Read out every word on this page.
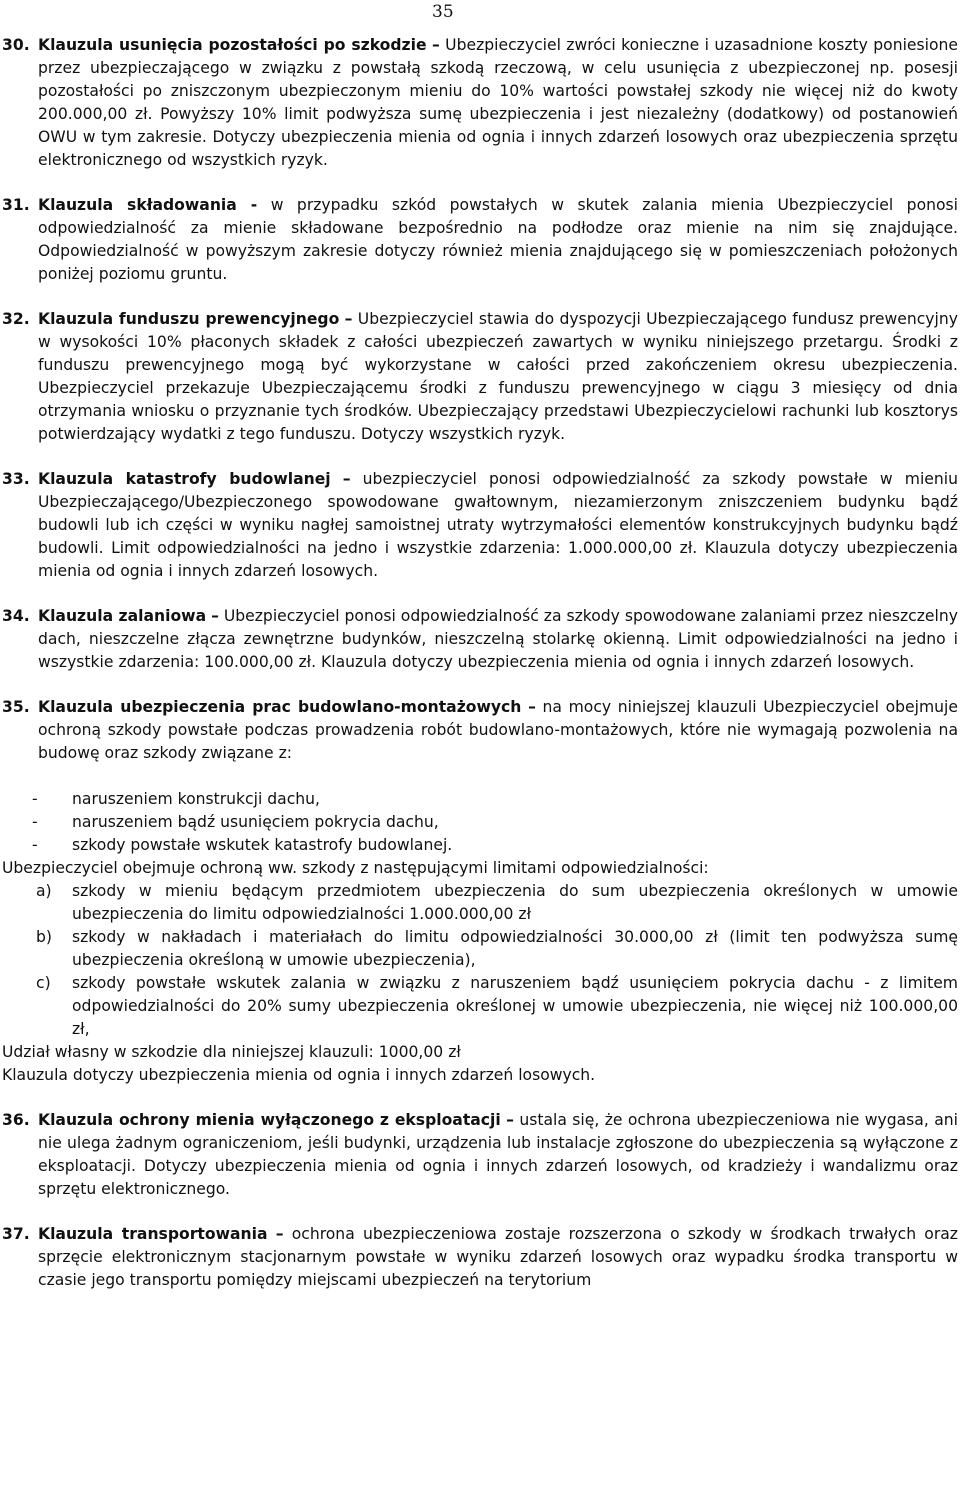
35
30. Klauzula usunięcia pozostałości po szkodzie – Ubezpieczyciel zwróci konieczne i uzasadnione koszty poniesione przez ubezpieczającego w związku z powstałą szkodą rzeczową, w celu usunięcia z ubezpieczonej np. posesji pozostałości po zniszczonym ubezpieczonym mieniu do 10% wartości powstałej szkody nie więcej niż do kwoty 200.000,00 zł. Powyższy 10% limit podwyższa sumę ubezpieczenia i jest niezależny (dodatkowy) od postanowień OWU w tym zakresie. Dotyczy ubezpieczenia mienia od ognia i innych zdarzeń losowych oraz ubezpieczenia sprzętu elektronicznego od wszystkich ryzyk.
31. Klauzula składowania - w przypadku szkód powstałych w skutek zalania mienia Ubezpieczyciel ponosi odpowiedzialność za mienie składowane bezpośrednio na podłodze oraz mienie na nim się znajdujące. Odpowiedzialność w powyższym zakresie dotyczy również mienia znajdującego się w pomieszczeniach położonych poniżej poziomu gruntu.
32. Klauzula funduszu prewencyjnego – Ubezpieczyciel stawia do dyspozycji Ubezpieczającego fundusz prewencyjny w wysokości 10% płaconych składek z całości ubezpieczeń zawartych w wyniku niniejszego przetargu. Środki z funduszu prewencyjnego mogą być wykorzystane w całości przed zakończeniem okresu ubezpieczenia. Ubezpieczyciel przekazuje Ubezpieczającemu środki z funduszu prewencyjnego w ciągu 3 miesięcy od dnia otrzymania wniosku o przyznanie tych środków. Ubezpieczający przedstawi Ubezpieczycielowi rachunki lub kosztorys potwierdzający wydatki z tego funduszu. Dotyczy wszystkich ryzyk.
33. Klauzula katastrofy budowlanej – ubezpieczyciel ponosi odpowiedzialność za szkody powstałe w mieniu Ubezpieczającego/Ubezpieczonego spowodowane gwałtownym, niezamierzonym zniszczeniem budynku bądź budowli lub ich części w wyniku nagłej samoistnej utraty wytrzymałości elementów konstrukcyjnych budynku bądź budowli. Limit odpowiedzialności na jedno i wszystkie zdarzenia: 1.000.000,00 zł. Klauzula dotyczy ubezpieczenia mienia od ognia i innych zdarzeń losowych.
34. Klauzula zalaniowa – Ubezpieczyciel ponosi odpowiedzialność za szkody spowodowane zalaniami przez nieszczelny dach, nieszczelne złącza zewnętrzne budynków, nieszczelną stolarkę okienną. Limit odpowiedzialności na jedno i wszystkie zdarzenia: 100.000,00 zł. Klauzula dotyczy ubezpieczenia mienia od ognia i innych zdarzeń losowych.
35. Klauzula ubezpieczenia prac budowlano-montażowych – na mocy niniejszej klauzuli Ubezpieczyciel obejmuje ochroną szkody powstałe podczas prowadzenia robót budowlano-montażowych, które nie wymagają pozwolenia na budowę oraz szkody związane z:
- naruszeniem konstrukcji dachu,
- naruszeniem bądź usunięciem pokrycia dachu,
- szkody powstałe wskutek katastrofy budowlanej.
Ubezpieczyciel obejmuje ochroną ww. szkody z następującymi limitami odpowiedzialności:
a) szkody w mieniu będącym przedmiotem ubezpieczenia do sum ubezpieczenia określonych w umowie ubezpieczenia do limitu odpowiedzialności 1.000.000,00 zł
b) szkody w nakładach i materiałach do limitu odpowiedzialności 30.000,00 zł (limit ten podwyższa sumę ubezpieczenia określoną w umowie ubezpieczenia),
c) szkody powstałe wskutek zalania w związku z naruszeniem bądź usunięciem pokrycia dachu - z limitem odpowiedzialności do 20% sumy ubezpieczenia określonej w umowie ubezpieczenia, nie więcej niż 100.000,00 zł,
Udział własny w szkodzie dla niniejszej klauzuli: 1000,00 zł
Klauzula dotyczy ubezpieczenia mienia od ognia i innych zdarzeń losowych.
36. Klauzula ochrony mienia wyłączonego z eksploatacji – ustala się, że ochrona ubezpieczeniowa nie wygasa, ani nie ulega żadnym ograniczeniom, jeśli budynki, urządzenia lub instalacje zgłoszone do ubezpieczenia są wyłączone z eksploatacji. Dotyczy ubezpieczenia mienia od ognia i innych zdarzeń losowych, od kradzieży i wandalizmu oraz sprzętu elektronicznego.
37. Klauzula transportowania – ochrona ubezpieczeniowa zostaje rozszerzona o szkody w środkach trwałych oraz sprzęcie elektronicznym stacjonarnym powstałe w wyniku zdarzeń losowych oraz wypadku środka transportu w czasie jego transportu pomiędzy miejscami ubezpieczeń na terytorium
